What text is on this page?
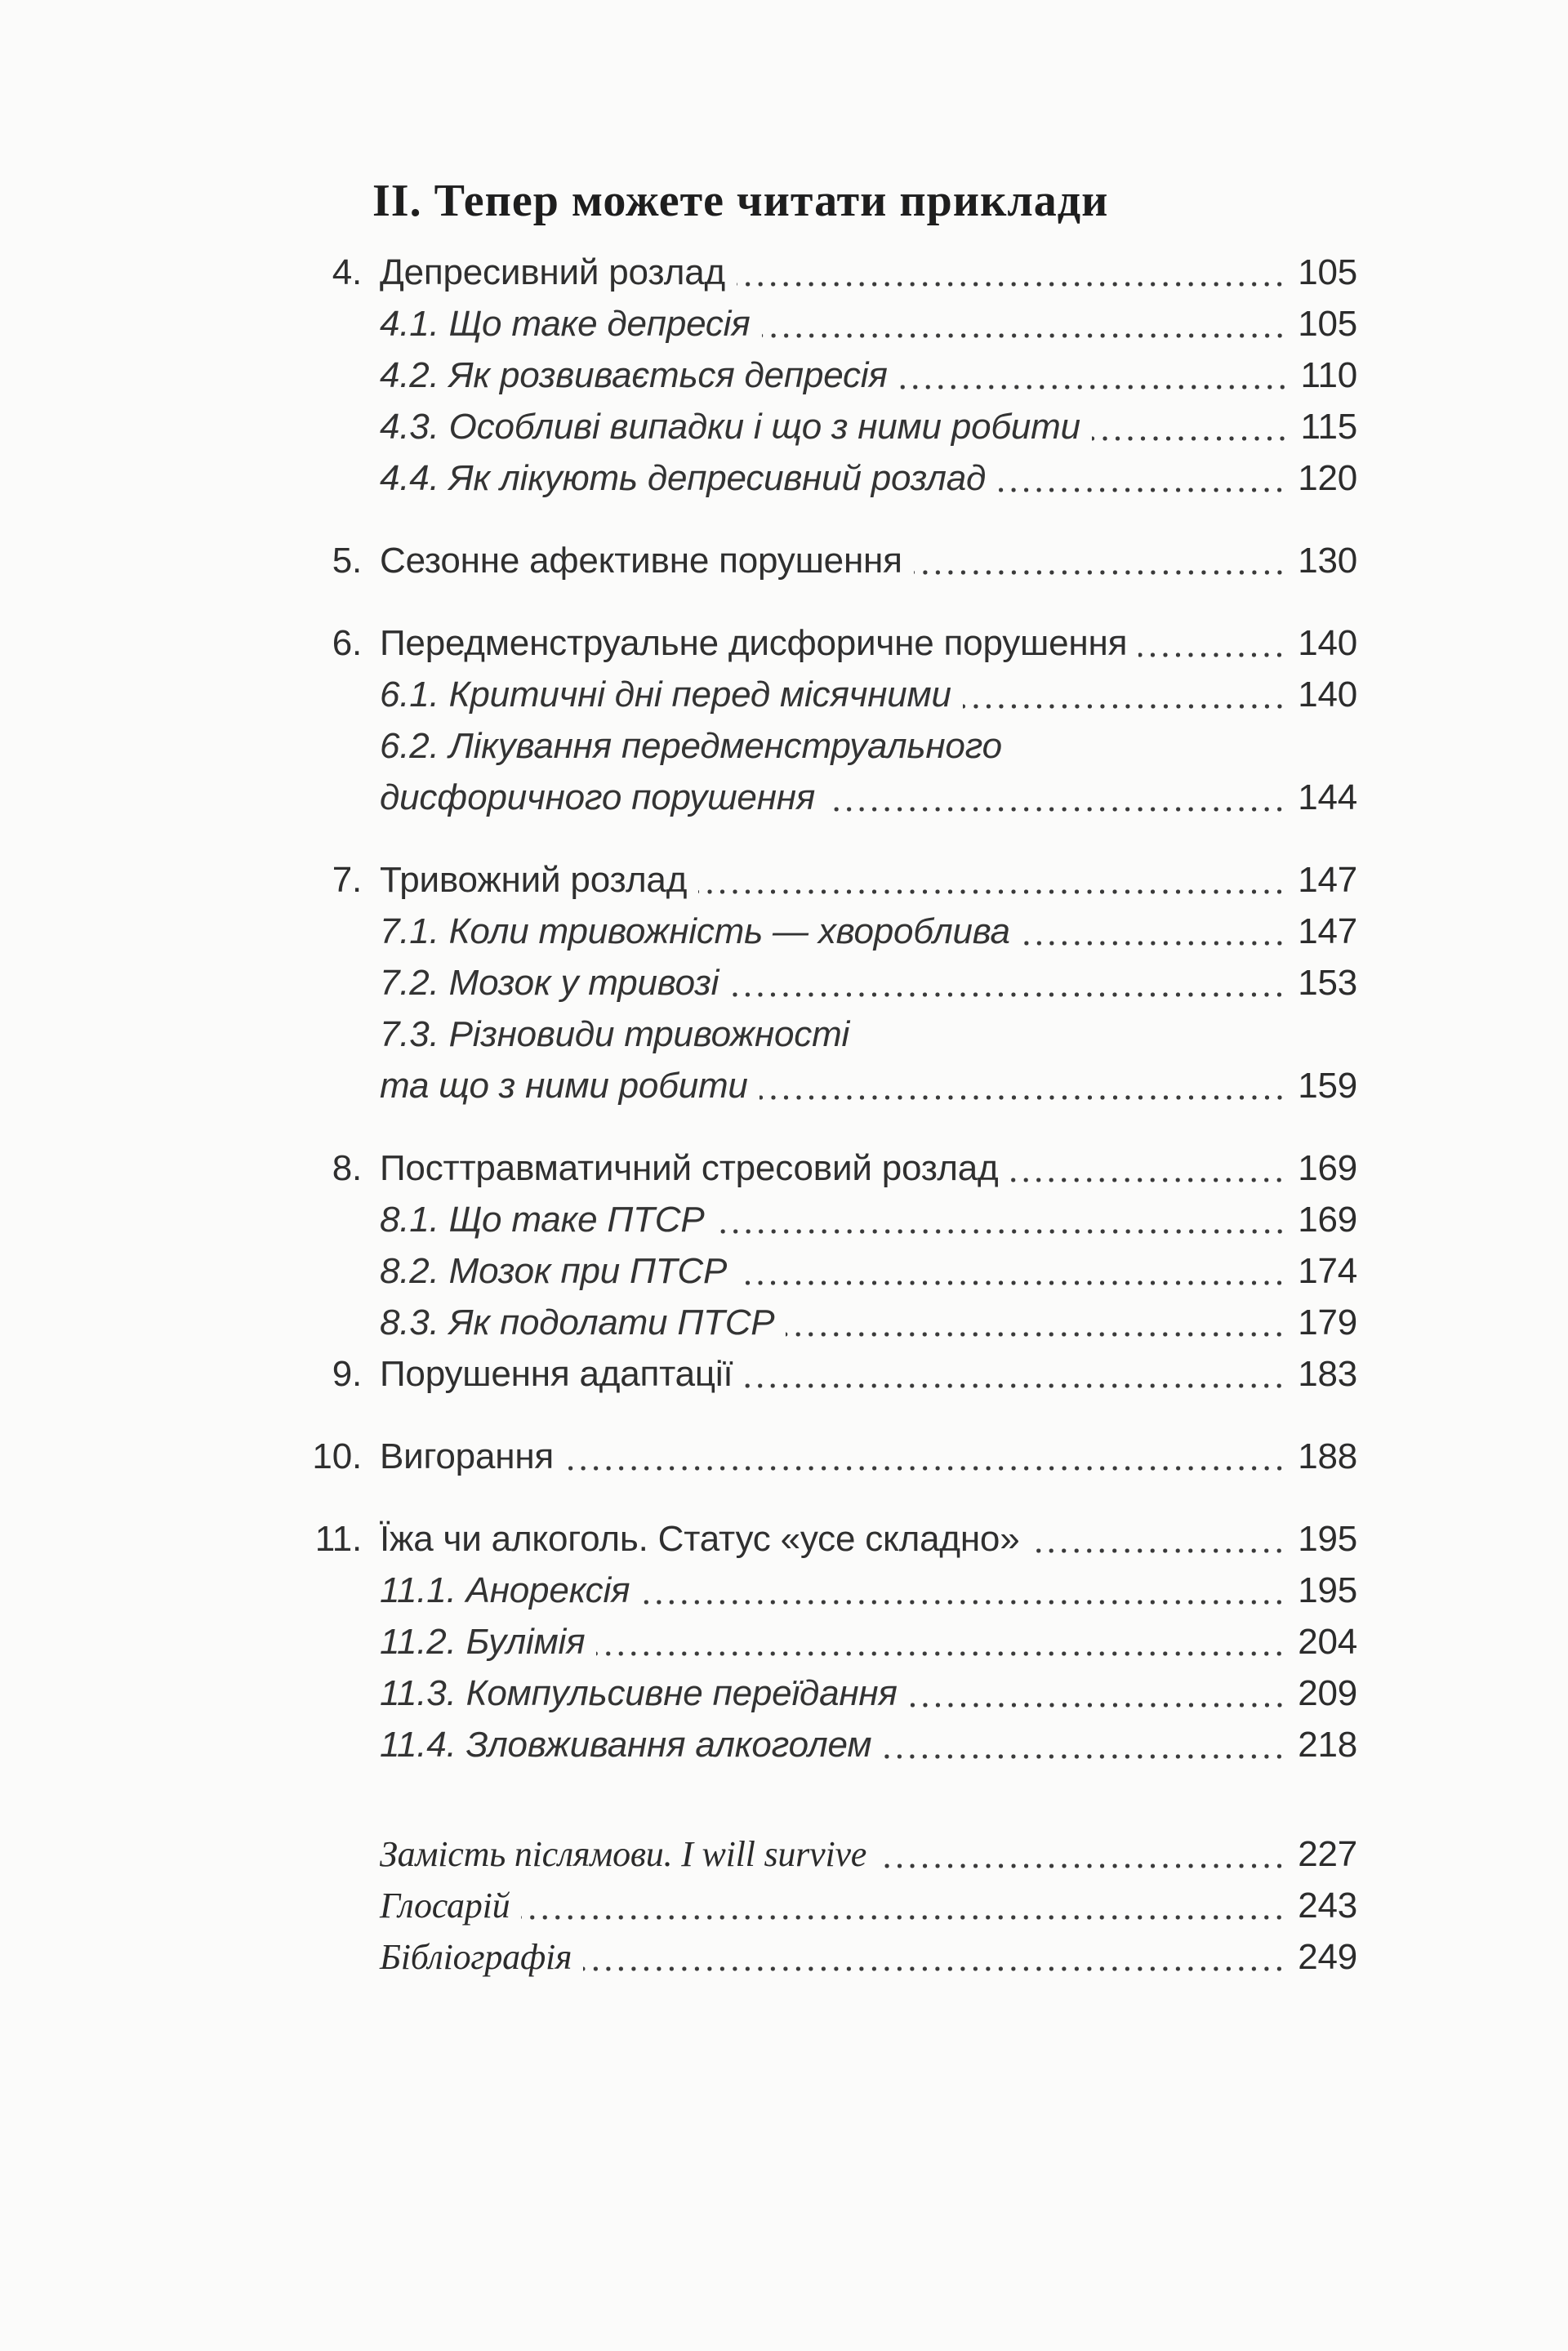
II. Тепер можете читати приклади
4. Депресивний розлад	105
4.1. Що таке депресія	105
4.2. Як розвивається депресія	110
4.3. Особливі випадки і що з ними робити	115
4.4. Як лікують депресивний розлад	120
5. Сезонне афективне порушення	130
6. Передменструальне дисфоричне порушення	140
6.1. Критичні дні перед місячними	140
6.2. Лікування передменструального
дисфоричного порушення	144
7. Тривожний розлад	147
7.1. Коли тривожність — хвороблива	147
7.2. Мозок у тривозі	153
7.3. Різновиди тривожності
та що з ними робити	159
8. Посттравматичний стресовий розлад	169
8.1. Що таке ПТСР	169
8.2. Мозок при ПТСР	174
8.3. Як подолати ПТСР	179
9. Порушення адаптації	183
10. Вигорання	188
11. Їжа чи алкоголь. Статус «усе складно»	195
11.1. Анорексія	195
11.2. Булімія	204
11.3. Компульсивне переїдання	209
11.4. Зловживання алкоголем	218
Замість післямови. I will survive	227
Глосарій	243
Бібліографія	249
